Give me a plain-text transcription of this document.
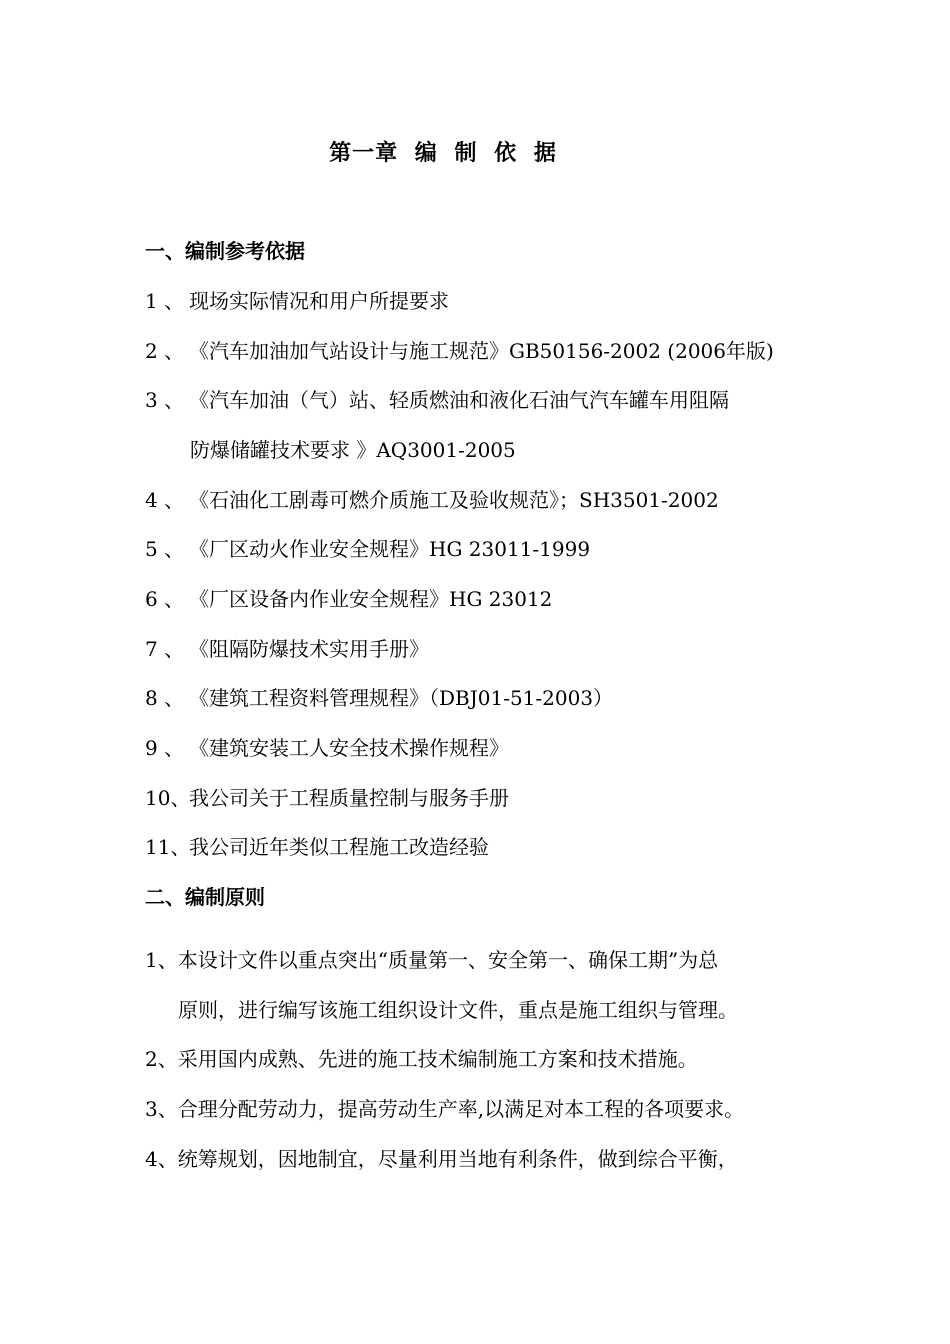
第一章 编 制 依 据
一、编制参考依据
1 、 现场实际情况和用户所提要求
2 、 《汽车加油加气站设计与施工规范》GB50156-2002 (2006年版)
3 、 《汽车加油（气）站、轻质燃油和液化石油气汽车罐车用阻隔
防爆储罐技术要求 》AQ3001-2005
4 、 《石油化工剧毒可燃介质施工及验收规范》；SH3501-2002
5 、 《厂区动火作业安全规程》HG 23011-1999
6 、 《厂区设备内作业安全规程》HG 23012
7 、 《阻隔防爆技术实用手册》
8 、 《建筑工程资料管理规程》（DBJ01-51-2003）
9 、 《建筑安装工人安全技术操作规程》
10、我公司关于工程质量控制与服务手册
11、我公司近年类似工程施工改造经验
二、编制原则
1、本设计文件以重点突出“质量第一、安全第一、确保工期”为总
原则，进行编写该施工组织设计文件，重点是施工组织与管理。
2、采用国内成熟、先进的施工技术编制施工方案和技术措施。
3、合理分配劳动力，提高劳动生产率,以满足对本工程的各项要求。
4、统筹规划，因地制宜，尽量利用当地有利条件，做到综合平衡，
